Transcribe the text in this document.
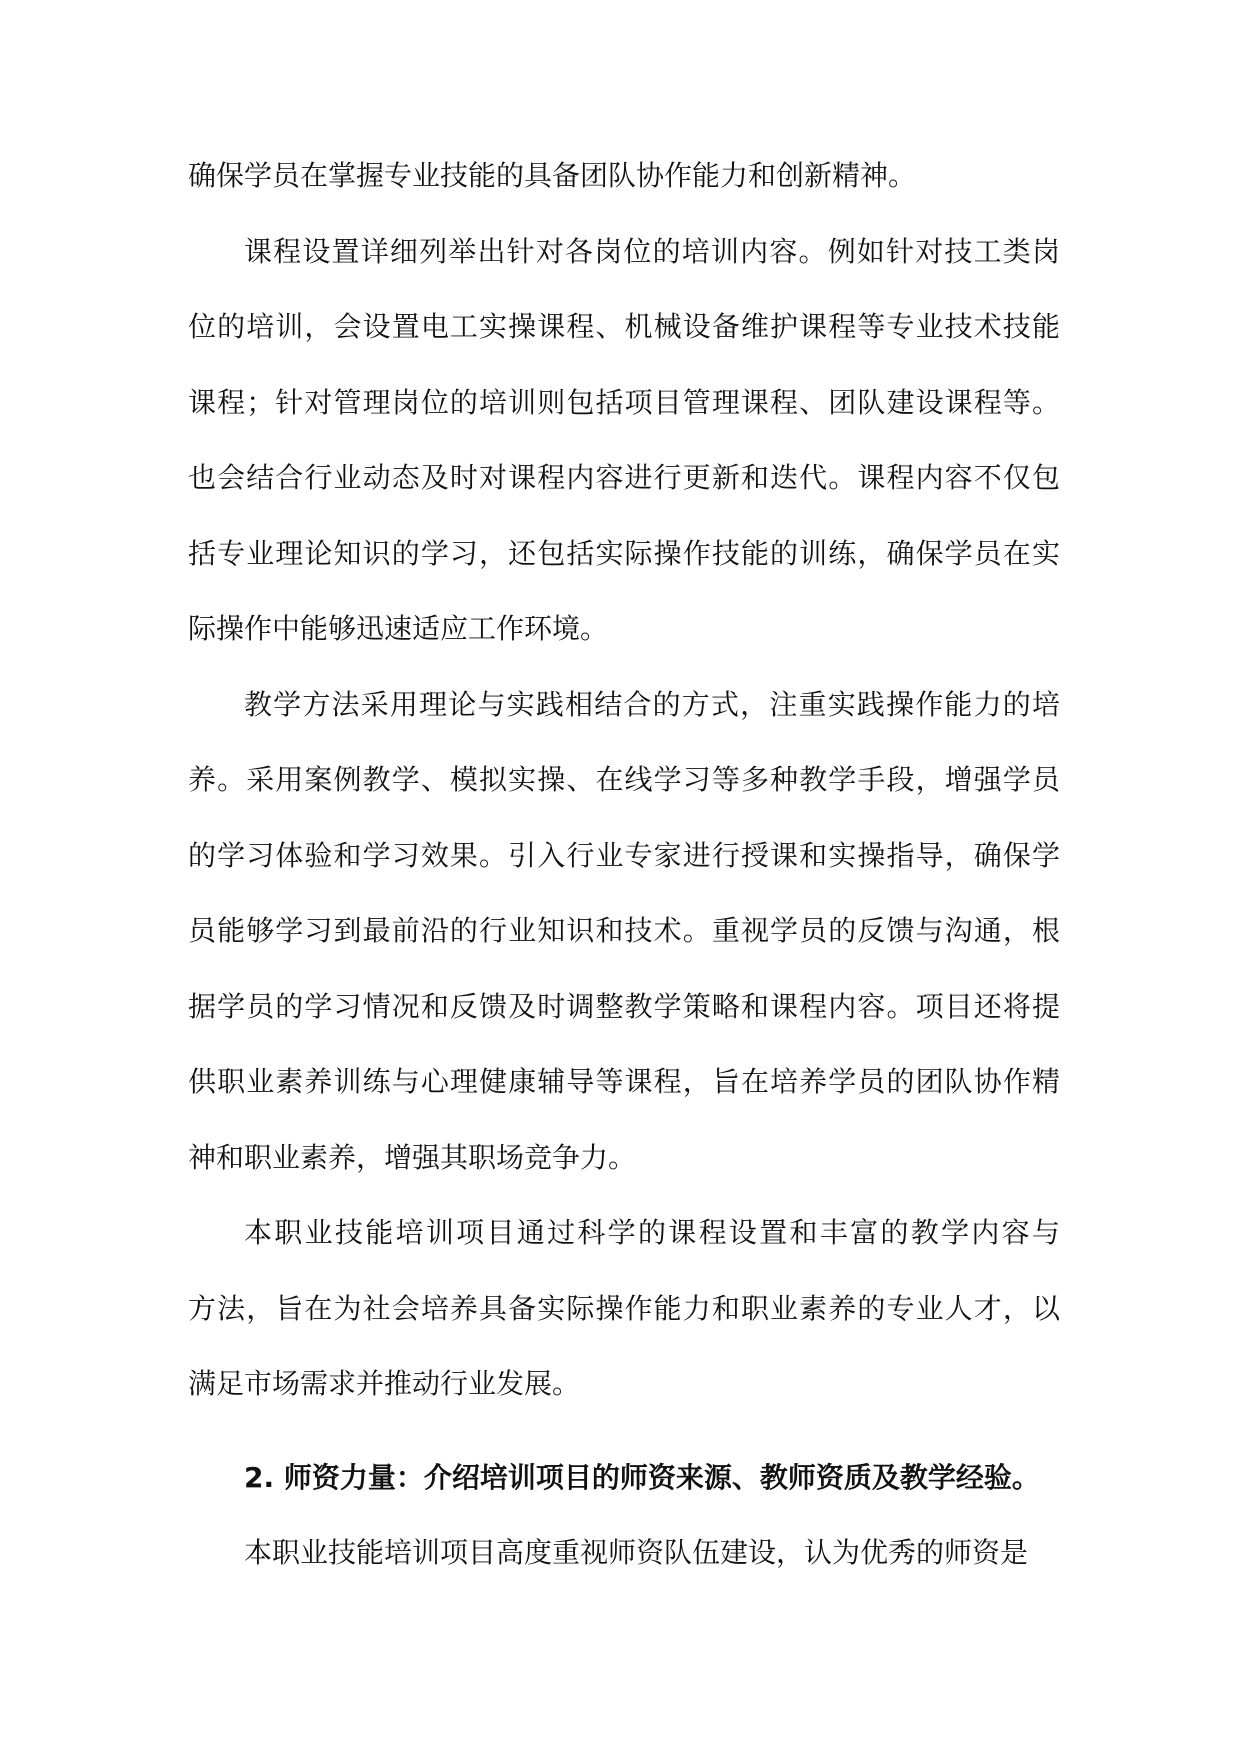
确保学员在掌握专业技能的具备团队协作能力和创新精神。
课程设置详细列举出针对各岗位的培训内容。例如针对技工类岗
位的培训，会设置电工实操课程、机械设备维护课程等专业技术技能
课程；针对管理岗位的培训则包括项目管理课程、团队建设课程等。
也会结合行业动态及时对课程内容进行更新和迭代。课程内容不仅包
括专业理论知识的学习，还包括实际操作技能的训练，确保学员在实
际操作中能够迅速适应工作环境。
教学方法采用理论与实践相结合的方式，注重实践操作能力的培
养。采用案例教学、模拟实操、在线学习等多种教学手段，增强学员
的学习体验和学习效果。引入行业专家进行授课和实操指导，确保学
员能够学习到最前沿的行业知识和技术。重视学员的反馈与沟通，根
据学员的学习情况和反馈及时调整教学策略和课程内容。项目还将提
供职业素养训练与心理健康辅导等课程，旨在培养学员的团队协作精
神和职业素养，增强其职场竞争力。
本职业技能培训项目通过科学的课程设置和丰富的教学内容与
方法，旨在为社会培养具备实际操作能力和职业素养的专业人才，以
满足市场需求并推动行业发展。
2. 师资力量：介绍培训项目的师资来源、教师资质及教学经验。
本职业技能培训项目高度重视师资队伍建设，认为优秀的师资是
